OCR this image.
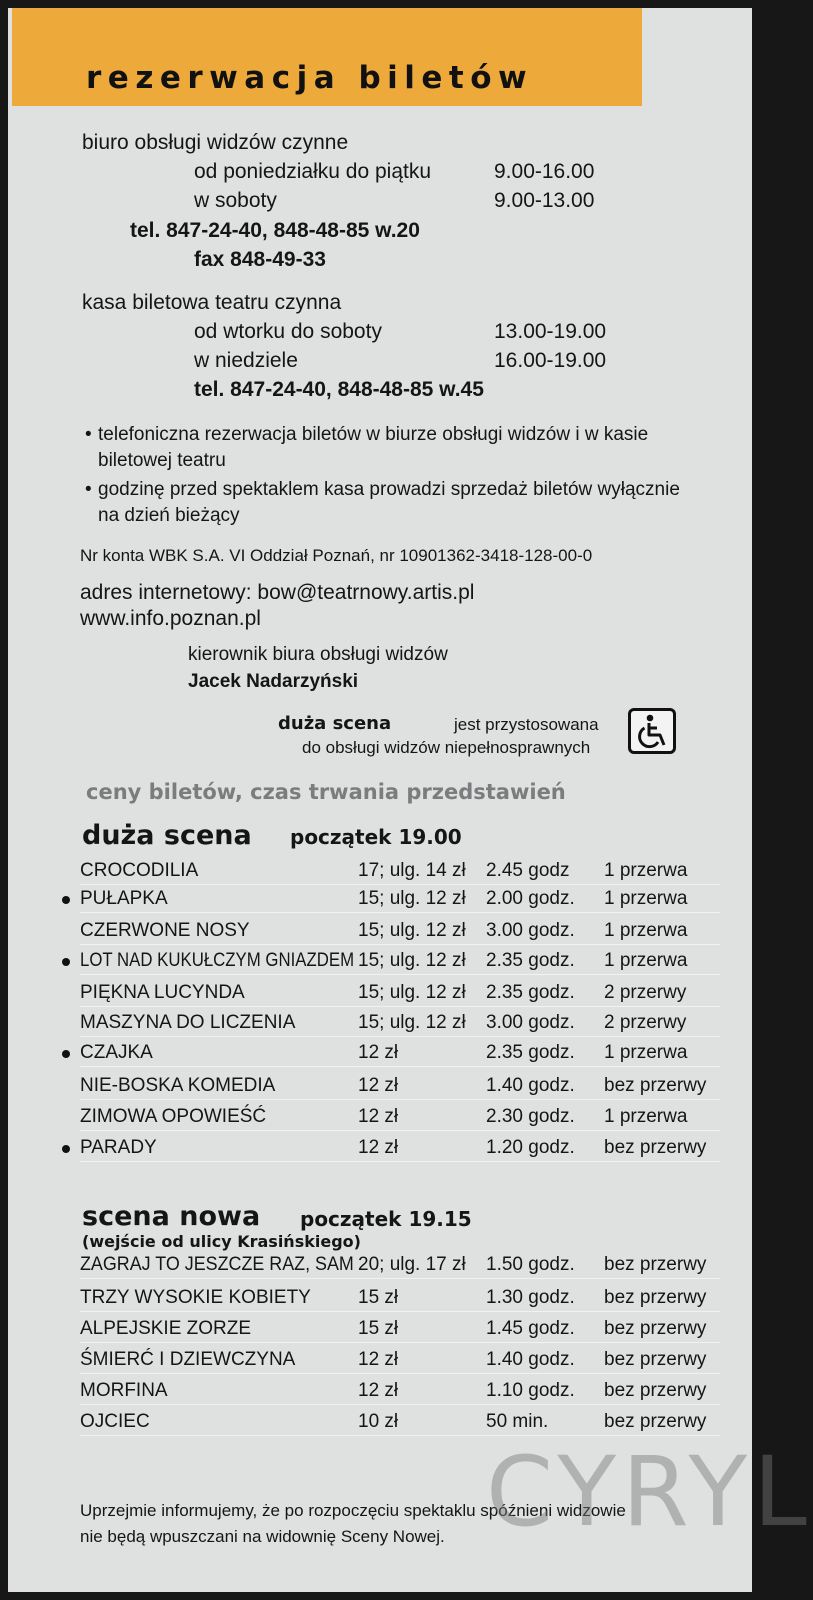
rezerwacja biletów
biuro obsługi widzów czynne
od poniedziałku do piątku	9.00-16.00
w soboty	9.00-13.00
tel. 847-24-40, 848-48-85 w.20
fax 848-49-33
kasa biletowa teatru czynna
od wtorku do soboty	13.00-19.00
w niedziele	16.00-19.00
tel. 847-24-40, 848-48-85 w.45
• telefoniczna rezerwacja biletów w biurze obsługi widzów i w kasie
biletowej teatru
• godzinę przed spektaklem kasa prowadzi sprzedaż biletów wyłącznie
na dzień bieżący
Nr konta WBK S.A. VI Oddział Poznań, nr 10901362-3418-128-00-0
adres internetowy: bow@teatrnowy.artis.pl
www.info.poznan.pl
kierownik biura obsługi widzów
Jacek Nadarzyński
duża scena	jest przystosowana
do obsługi widzów niepełnosprawnych
ceny biletów, czas trwania przedstawień
duża scena początek 19.00
CROCODILIA	17; ulg. 14 zł 2.45 godz 1 przerwa
PUŁAPKA	15; ulg. 12 zł 2.00 godz. 1 przerwa
CZERWONE NOSY	15; ulg. 12 zł 3.00 godz. 1 przerwa
LOT NAD KUKUŁCZYM GNIAZDEM 15; ulg. 12 zł 2.35 godz. 1 przerwa
PIĘKNA LUCYNDA	15; ulg. 12 zł 2.35 godz. 2 przerwy
MASZYNA DO LICZENIA	15; ulg. 12 zł 3.00 godz. 2 przerwy
CZAJKA	12 zł	2.35 godz. 1 przerwa
NIE-BOSKA KOMEDIA	12 zł	1.40 godz. bez przerwy
ZIMOWA OPOWIEŚĆ	12 zł	2.30 godz. 1 przerwa
PARADY	12 zł	1.20 godz. bez przerwy
scena nowa początek 19.15
(wejście od ulicy Krasińskiego)
ZAGRAJ TO JESZCZE RAZ, SAM 20; ulg. 17 zł 1.50 godz. bez przerwy
TRZY WYSOKIE KOBIETY 15 zł	1.30 godz. bez przerwy
ALPEJSKIE ZORZE	15 zł	1.45 godz. bez przerwy
ŚMIERĆ I DZIEWCZYNA	12 zł	1.40 godz. bez przerwy
MORFINA	12 zł	1.10 godz. bez przerwy
OJCIEC	10 zł	50 min.	bez przerwy
Uprzejmie informujemy, że po rozpoczęciu spektaklu spóźnieni widzowie
nie będą wpuszczani na widownię Sceny Nowej. CYRYL
